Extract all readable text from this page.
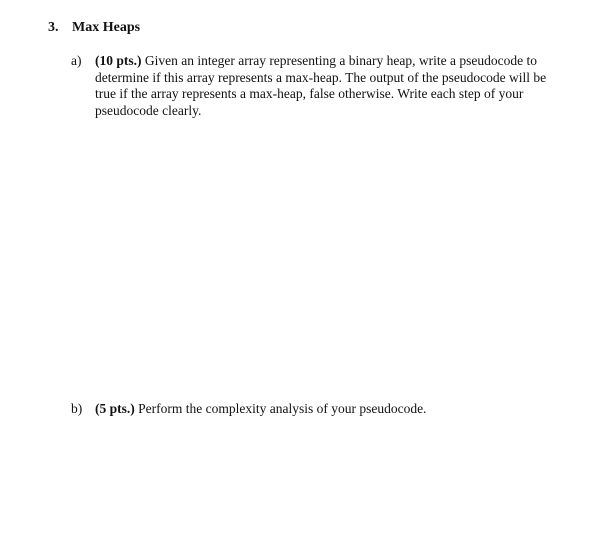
3. Max Heaps
a)	(10 pts.) Given an integer array representing a binary heap, write a pseudocode to determine if this array represents a max-heap. The output of the pseudocode will be true if the array represents a max-heap, false otherwise. Write each step of your pseudocode clearly.
b) (5 pts.) Perform the complexity analysis of your pseudocode.
